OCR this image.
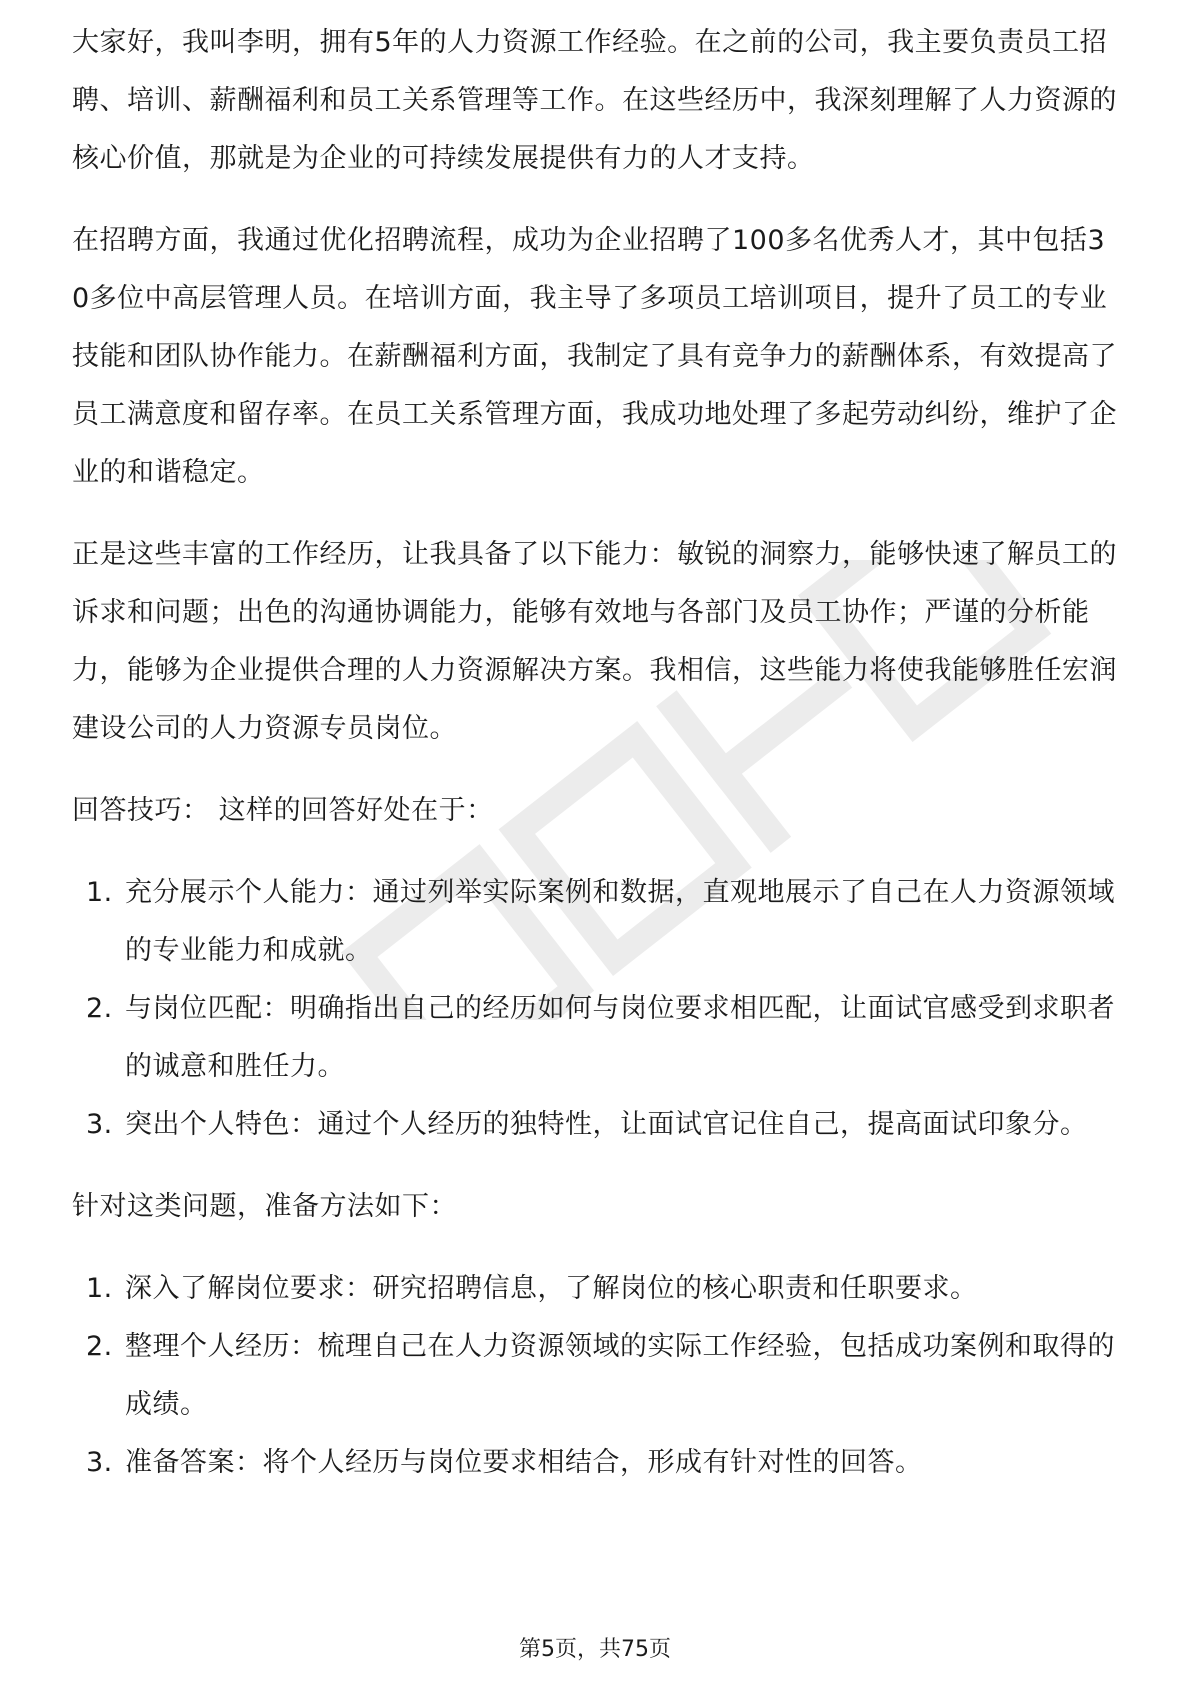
大家好，我叫李明，拥有5年的人力资源工作经验。在之前的公司，我主要负责员工招聘、培训、薪酬福利和员工关系管理等工作。在这些经历中，我深刻理解了人力资源的核心价值，那就是为企业的可持续发展提供有力的人才支持。

在招聘方面，我通过优化招聘流程，成功为企业招聘了100多名优秀人才，其中包括30多位中高层管理人员。在培训方面，我主导了多项员工培训项目，提升了员工的专业技能和团队协作能力。在薪酬福利方面，我制定了具有竞争力的薪酬体系，有效提高了员工满意度和留存率。在员工关系管理方面，我成功地处理了多起劳动纠纷，维护了企业的和谐稳定。

正是这些丰富的工作经历，让我具备了以下能力：敏锐的洞察力，能够快速了解员工的诉求和问题；出色的沟通协调能力，能够有效地与各部门及员工协作；严谨的分析能力，能够为企业提供合理的人力资源解决方案。我相信，这些能力将使我能够胜任宏润建设公司的人力资源专员岗位。

回答技巧： 这样的回答好处在于：

1. 充分展示个人能力：通过列举实际案例和数据，直观地展示了自己在人力资源领域的专业能力和成就。
2. 与岗位匹配：明确指出自己的经历如何与岗位要求相匹配，让面试官感受到求职者的诚意和胜任力。
3. 突出个人特色：通过个人经历的独特性，让面试官记住自己，提高面试印象分。

针对这类问题，准备方法如下：

1. 深入了解岗位要求：研究招聘信息，了解岗位的核心职责和任职要求。
2. 整理个人经历：梳理自己在人力资源领域的实际工作经验，包括成功案例和取得的成绩。
3. 准备答案：将个人经历与岗位要求相结合，形成有针对性的回答。
第5页，共75页
